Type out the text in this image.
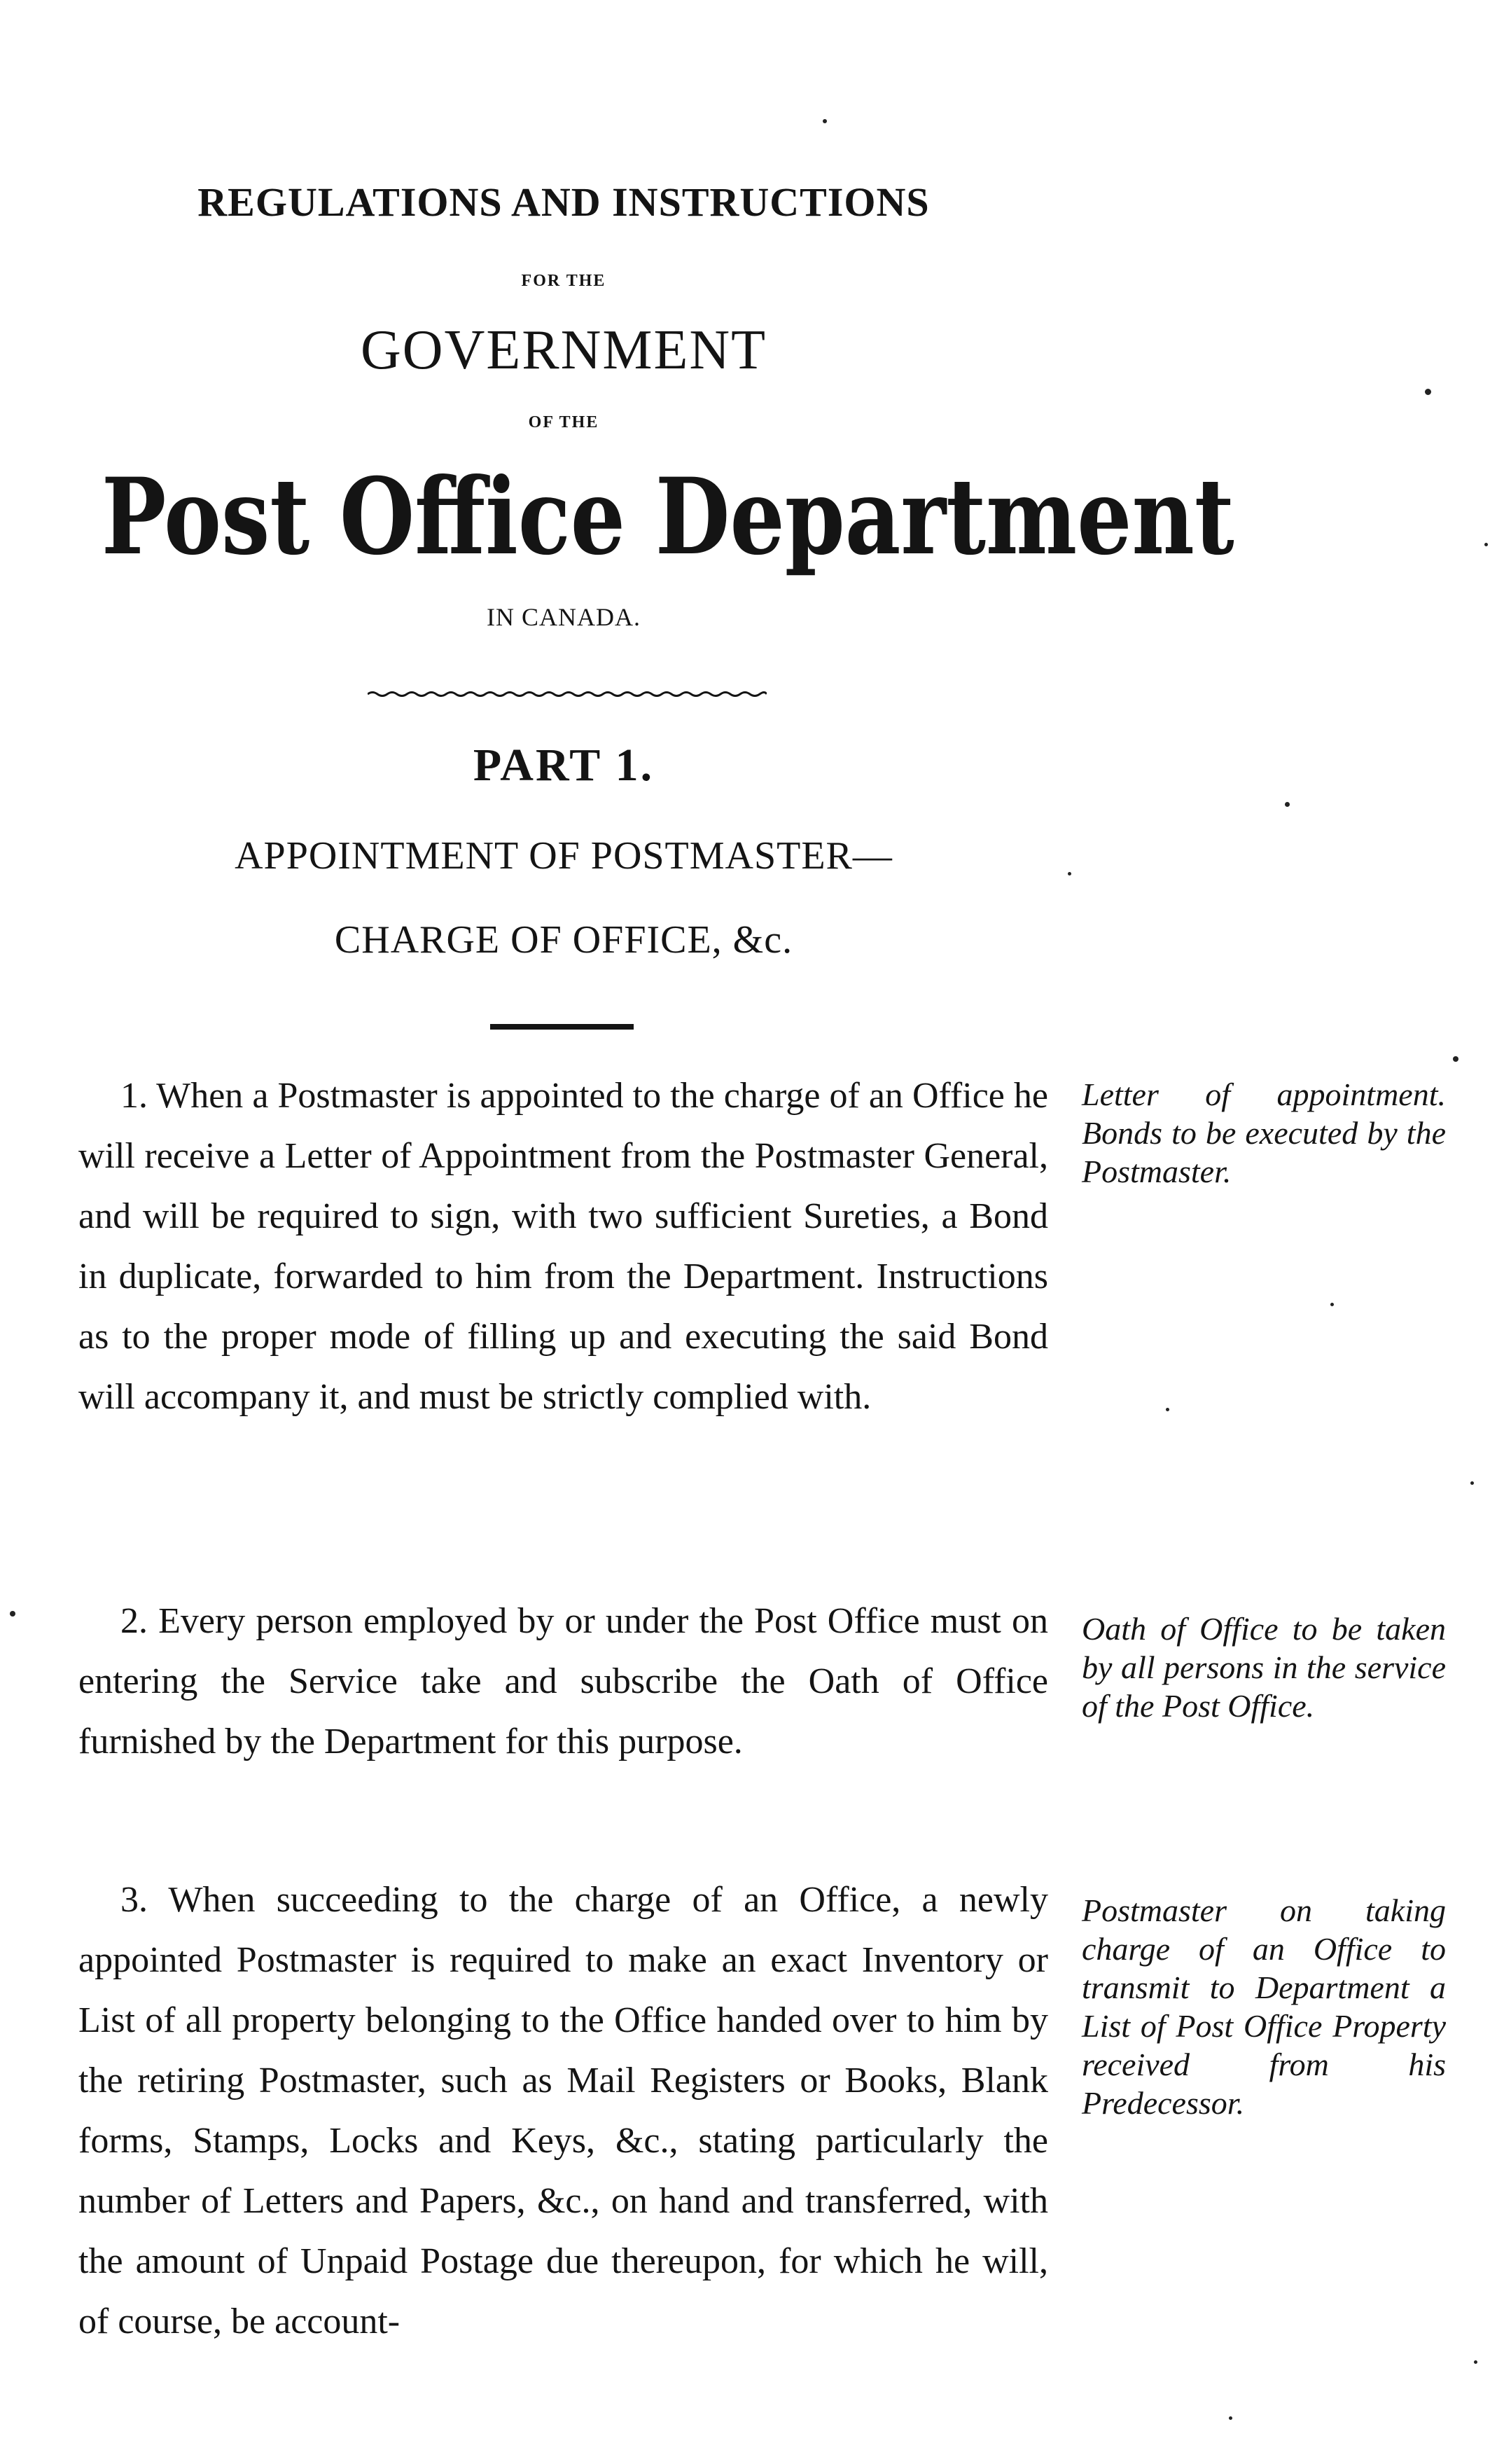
REGULATIONS AND INSTRUCTIONS
FOR THE
GOVERNMENT
OF THE
Post Office Department
IN CANADA.
PART 1.
APPOINTMENT OF POSTMASTER—
CHARGE OF OFFICE, &c.
1. When a Postmaster is appointed to the charge of an Office he will receive a Letter of Appointment from the Postmaster General, and will be required to sign, with two sufficient Sureties, a Bond in duplicate, forwarded to him from the Department. Instructions as to the proper mode of filling up and executing the said Bond will accompany it, and must be strictly complied with.
Letter of appointment. Bonds to be executed by the Postmaster.
2. Every person employed by or under the Post Office must on entering the Service take and subscribe the Oath of Office furnished by the Department for this purpose.
Oath of Office to be taken by all persons in the service of the Post Office.
3. When succeeding to the charge of an Office, a newly appointed Postmaster is required to make an exact Inventory or List of all property belonging to the Office handed over to him by the retiring Postmaster, such as Mail Registers or Books, Blank forms, Stamps, Locks and Keys, &c., stating particularly the number of Letters and Papers, &c., on hand and transferred, with the amount of Unpaid Postage due thereupon, for which he will, of course, be account-
Postmaster on taking charge of an Office to transmit to Department a List of Post Office Property received from his Predecessor.
